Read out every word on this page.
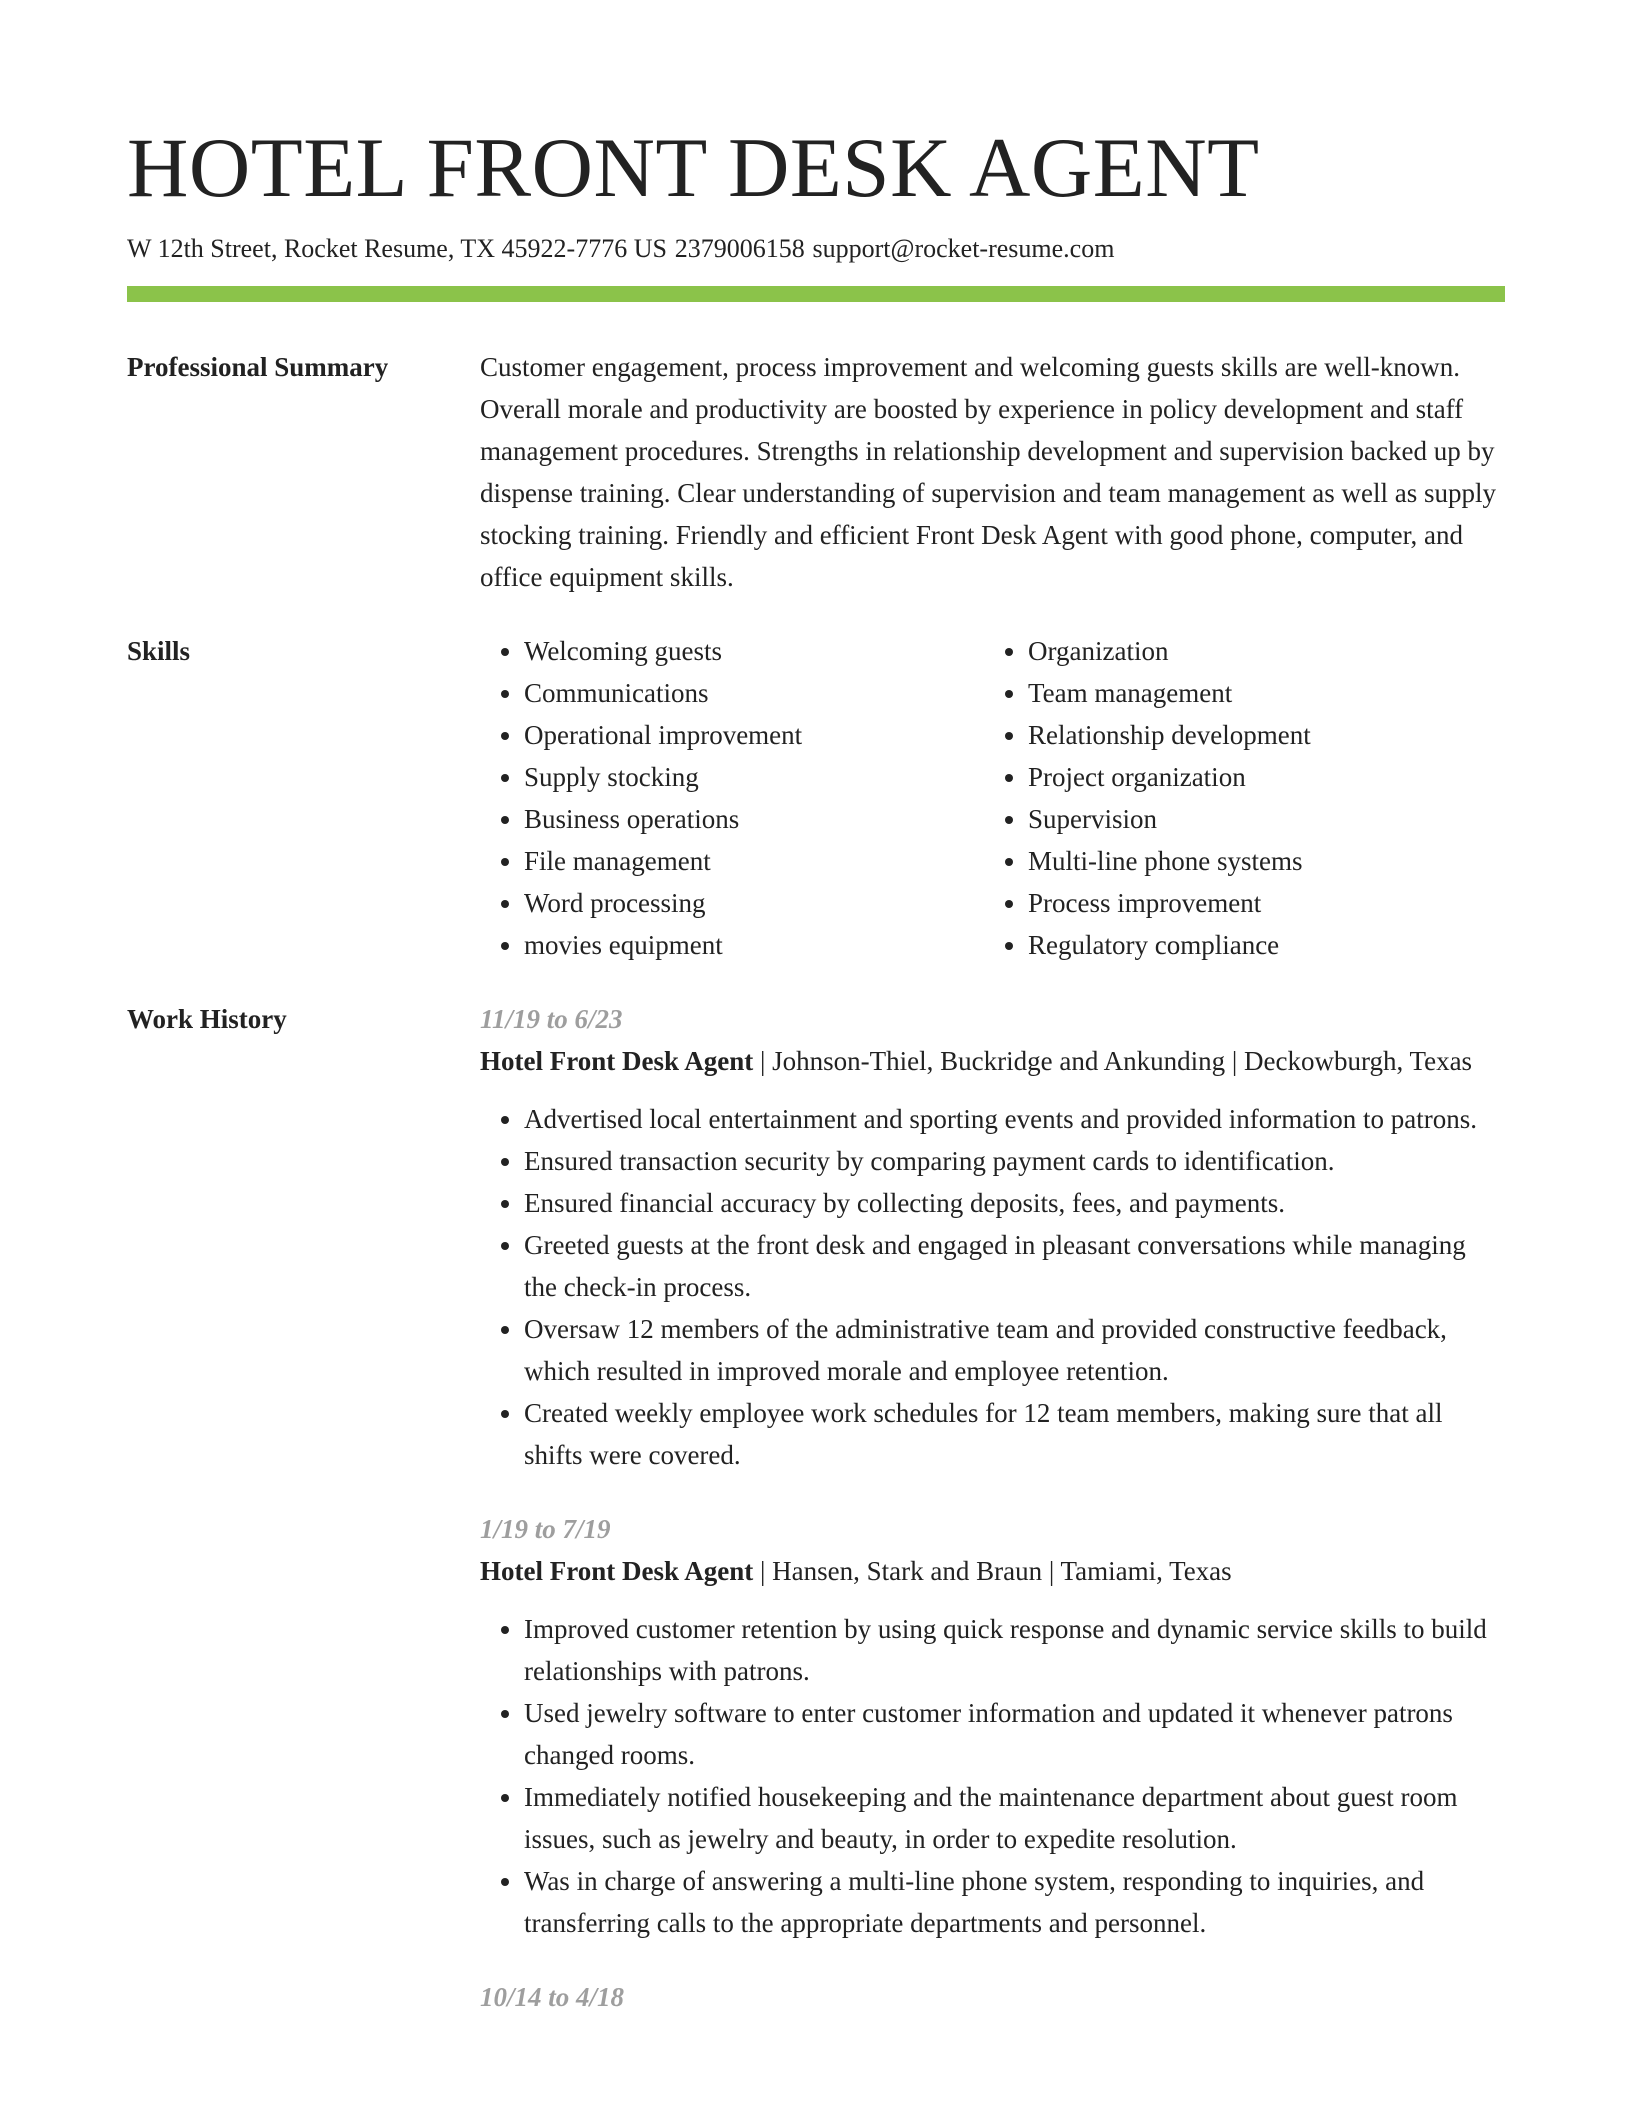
HOTEL FRONT DESK AGENT
W 12th Street, Rocket Resume, TX 45922-7776 US 2379006158 support@rocket-resume.com
Professional Summary	Customer engagement, process improvement and welcoming guests skills are well-known. Overall morale and productivity are boosted by experience in policy development and staff management procedures. Strengths in relationship development and supervision backed up by dispense training. Clear understanding of supervision and team management as well as supply stocking training. Friendly and efficient Front Desk Agent with good phone, computer, and office equipment skills.

Skills
•	Welcoming guests
• Communications
• Operational improvement
• Supply stocking
• Business operations
• File management
• Word processing
• movies equipment
• Organization
• Team management
• Relationship development
• Project organization
• Supervision
• Multi-line phone systems
• Process improvement
• Regulatory compliance
Work History	11/19 to 6/23
Hotel Front Desk Agent | Johnson-Thiel, Buckridge and Ankunding | Deckowburgh, Texas
• Advertised local entertainment and sporting events and provided information to patrons.
• Ensured transaction security by comparing payment cards to identification.
• Ensured financial accuracy by collecting deposits, fees, and payments.
• Greeted guests at the front desk and engaged in pleasant conversations while managing the check-in process.
• Oversaw 12 members of the administrative team and provided constructive feedback, which resulted in improved morale and employee retention.
• Created weekly employee work schedules for 12 team members, making sure that all shifts were covered.
1/19 to 7/19
Hotel Front Desk Agent | Hansen, Stark and Braun | Tamiami, Texas
• Improved customer retention by using quick response and dynamic service skills to build relationships with patrons.
• Used jewelry software to enter customer information and updated it whenever patrons changed rooms.
• Immediately notified housekeeping and the maintenance department about guest room issues, such as jewelry and beauty, in order to expedite resolution.
• Was in charge of answering a multi-line phone system, responding to inquiries, and transferring calls to the appropriate departments and personnel.
10/14 to 4/18
